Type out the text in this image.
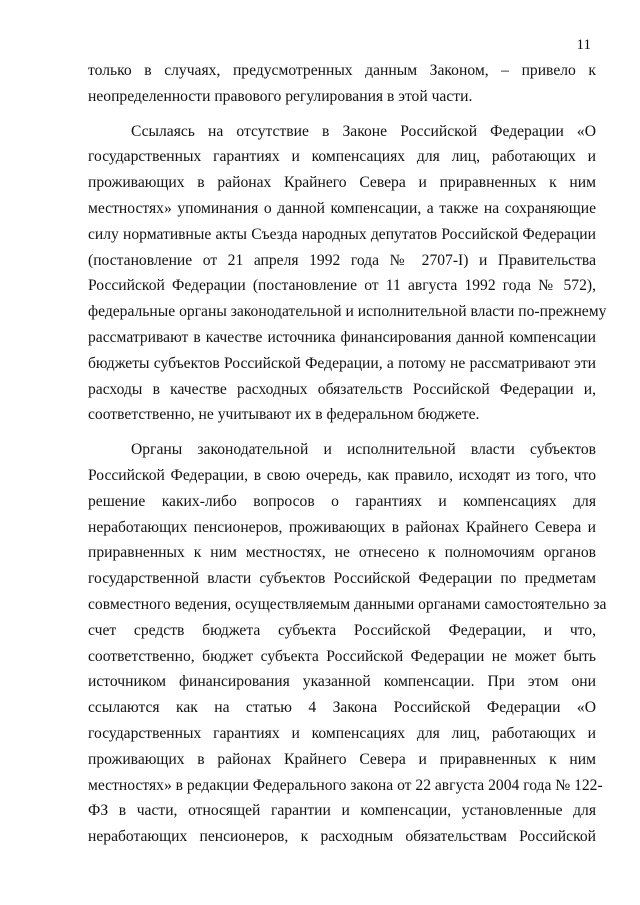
11
только в случаях, предусмотренных данным Законом, – привело к
неопределенности правового регулирования в этой части.
Ссылаясь на отсутствие в Законе Российской Федерации «О
государственных гарантиях и компенсациях для лиц, работающих и
проживающих в районах Крайнего Севера и приравненных к ним
местностях» упоминания о данной компенсации, а также на сохраняющие
силу нормативные акты Съезда народных депутатов Российской Федерации
(постановление от 21 апреля 1992 года № 2707-I) и Правительства
Российской Федерации (постановление от 11 августа 1992 года № 572),
федеральные органы законодательной и исполнительной власти по-прежнему
рассматривают в качестве источника финансирования данной компенсации
бюджеты субъектов Российской Федерации, а потому не рассматривают эти
расходы в качестве расходных обязательств Российской Федерации и,
соответственно, не учитывают их в федеральном бюджете.
Органы законодательной и исполнительной власти субъектов
Российской Федерации, в свою очередь, как правило, исходят из того, что
решение каких-либо вопросов о гарантиях и компенсациях для
неработающих пенсионеров, проживающих в районах Крайнего Севера и
приравненных к ним местностях, не отнесено к полномочиям органов
государственной власти субъектов Российской Федерации по предметам
совместного ведения, осуществляемым данными органами самостоятельно за
счет средств бюджета субъекта Российской Федерации, и что,
соответственно, бюджет субъекта Российской Федерации не может быть
источником финансирования указанной компенсации. При этом они
ссылаются как на статью 4 Закона Российской Федерации «О
государственных гарантиях и компенсациях для лиц, работающих и
проживающих в районах Крайнего Севера и приравненных к ним
местностях» в редакции Федерального закона от 22 августа 2004 года № 122-
ФЗ в части, относящей гарантии и компенсации, установленные для
неработающих пенсионеров, к расходным обязательствам Российской
